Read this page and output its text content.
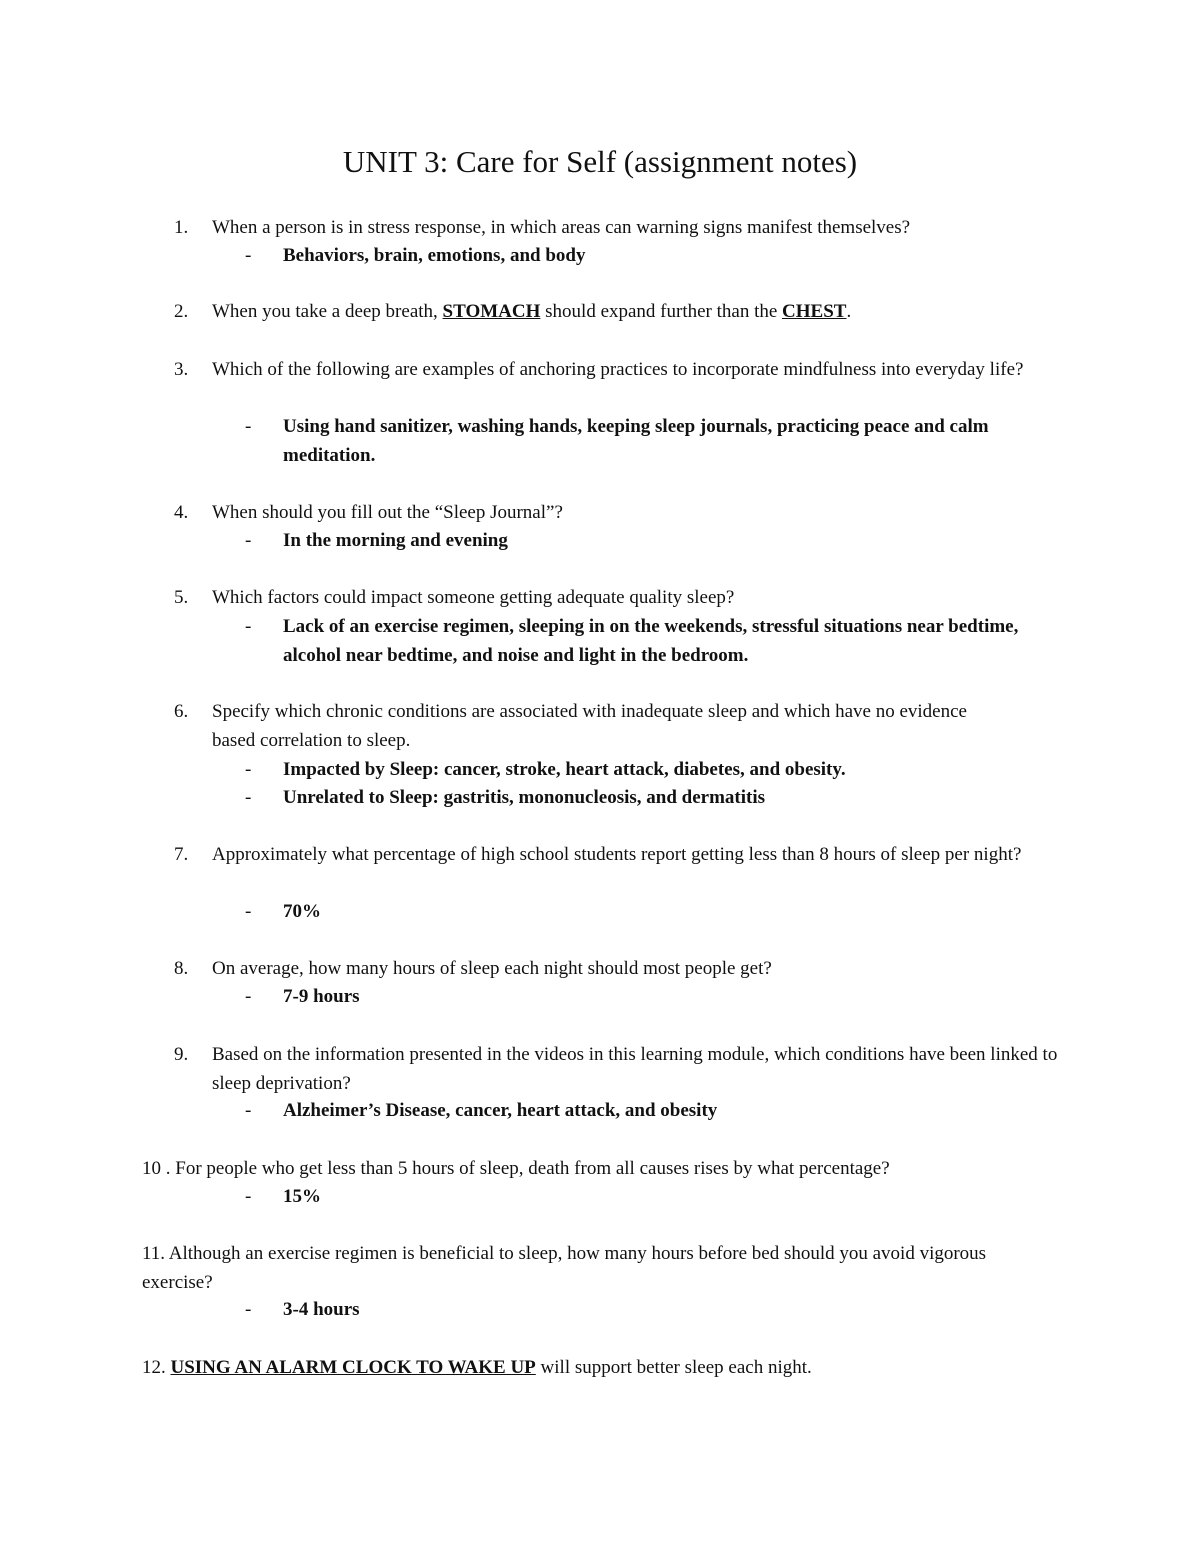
UNIT 3: Care for Self (assignment notes)
1. When a person is in stress response, in which areas can warning signs manifest themselves?
- Behaviors, brain, emotions, and body
2. When you take a deep breath, STOMACH should expand further than the CHEST.
3. Which of the following are examples of anchoring practices to incorporate mindfulness into everyday life?
- Using hand sanitizer, washing hands, keeping sleep journals, practicing peace and calm meditation.
4. When should you fill out the “Sleep Journal”?
- In the morning and evening
5. Which factors could impact someone getting adequate quality sleep?
- Lack of an exercise regimen, sleeping in on the weekends, stressful situations near bedtime, alcohol near bedtime, and noise and light in the bedroom.
6. Specify which chronic conditions are associated with inadequate sleep and which have no evidence based correlation to sleep.
- Impacted by Sleep: cancer, stroke, heart attack, diabetes, and obesity.
- Unrelated to Sleep: gastritis, mononucleosis, and dermatitis
7. Approximately what percentage of high school students report getting less than 8 hours of sleep per night?
- 70%
8. On average, how many hours of sleep each night should most people get?
- 7-9 hours
9. Based on the information presented in the videos in this learning module, which conditions have been linked to sleep deprivation?
- Alzheimer’s Disease, cancer, heart attack, and obesity
10 . For people who get less than 5 hours of sleep, death from all causes rises by what percentage?
- 15%
11. Although an exercise regimen is beneficial to sleep, how many hours before bed should you avoid vigorous exercise?
- 3-4 hours
12. USING AN ALARM CLOCK TO WAKE UP will support better sleep each night.
